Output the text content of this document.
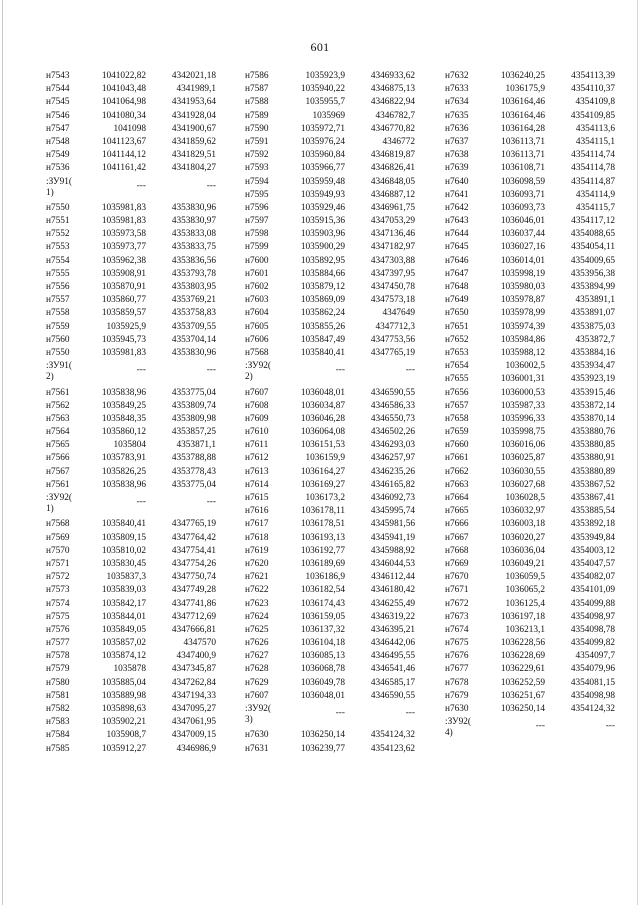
601
н7543	1041022,82	4342021,18
н7544	1041043,48	4341989,1
н7545	1041064,98	4341953,64
н7546	1041080,34	4341928,04
н7547	1041098	4341900,67
н7548	1041123,67	4341859,62
н7549	1041144,12	4341829,51
н7536	1041161,42	4341804,27
:ЗУ91(
1)
---	---
н7550	1035981,83	4353830,96
н7551	1035981,83	4353830,97
н7552	1035973,58	4353833,08
н7553	1035973,77	4353833,75
н7554	1035962,38	4353836,56
н7555	1035908,91	4353793,78
н7556	1035870,91	4353803,95
н7557	1035860,77	4353769,21
н7558	1035859,57	4353758,83
н7559	1035925,9	4353709,55
н7560	1035945,73	4353704,14
н7550	1035981,83	4353830,96
:ЗУ91(
2)
---	---
н7561	1035838,96	4353775,04
н7562	1035849,25	4353809,74
н7563	1035848,35	4353809,98
н7564	1035860,12	4353857,25
н7565	1035804	4353871,1
н7566	1035783,91	4353788,88
н7567	1035826,25	4353778,43
н7561	1035838,96	4353775,04
:ЗУ92(
1)
---	---
н7568	1035840,41	4347765,19
н7569	1035809,15	4347764,42
н7570	1035810,02	4347754,41
н7571	1035830,45	4347754,26
н7572	1035837,3	4347750,74
н7573	1035839,03	4347749,28
н7574	1035842,17	4347741,86
н7575	1035844,01	4347712,69
н7576	1035849,05	4347666,81
н7577	1035857,02	4347570
н7578	1035874,12	4347400,9
н7579	1035878	4347345,87
н7580	1035885,04	4347262,84
н7581	1035889,98	4347194,33
н7582	1035898,63	4347095,27
н7583	1035902,21	4347061,95
н7584	1035908,7	4347009,15
н7585	1035912,27	4346986,9
н7586	1035923,9	4346933,62
н7587	1035940,22	4346875,13
н7588	1035955,7	4346822,94
н7589	1035969	4346782,7
н7590	1035972,71	4346770,82
н7591	1035976,24	4346772
н7592	1035960,84	4346819,87
н7593	1035966,77	4346826,41
н7594	1035959,48	4346848,05
н7595	1035949,93	4346887,12
н7596	1035929,46	4346961,75
н7597	1035915,36	4347053,29
н7598	1035903,96	4347136,46
н7599	1035900,29	4347182,97
н7600	1035892,95	4347303,88
н7601	1035884,66	4347397,95
н7602	1035879,12	4347450,78
н7603	1035869,09	4347573,18
н7604	1035862,24	4347649
н7605	1035855,26	4347712,3
н7606	1035847,49	4347753,56
н7568	1035840,41	4347765,19
:ЗУ92(
2)
---	---
н7607	1036048,01	4346590,55
н7608	1036034,87	4346586,33
н7609	1036046,28	4346550,73
н7610	1036064,08	4346502,26
н7611	1036151,53	4346293,03
н7612	1036159,9	4346257,97
н7613	1036164,27	4346235,26
н7614	1036169,27	4346165,82
н7615	1036173,2	4346092,73
н7616	1036178,11	4345995,74
н7617	1036178,51	4345981,56
н7618	1036193,13	4345941,19
н7619	1036192,77	4345988,92
н7620	1036189,69	4346044,53
н7621	1036186,9	4346112,44
н7622	1036182,54	4346180,42
н7623	1036174,43	4346255,49
н7624	1036159,05	4346319,22
н7625	1036137,32	4346395,21
н7626	1036104,18	4346442,06
н7627	1036085,13	4346495,55
н7628	1036068,78	4346541,46
н7629	1036049,78	4346585,17
н7607	1036048,01	4346590,55
:ЗУ92(
3)
---	---
н7630	1036250,14	4354124,32
н7631	1036239,77	4354123,62
н7632	1036240,25	4354113,39
н7633	1036175,9	4354110,37
н7634	1036164,46	4354109,8
н7635	1036164,46	4354109,85
н7636	1036164,28	4354113,6
н7637	1036113,71	4354115,1
н7638	1036113,71	4354114,74
н7639	1036108,71	4354114,78
н7640	1036098,59	4354114,87
н7641	1036093,71	4354114,9
н7642	1036093,73	4354115,7
н7643	1036046,01	4354117,12
н7644	1036037,44	4354088,65
н7645	1036027,16	4354054,11
н7646	1036014,01	4354009,65
н7647	1035998,19	4353956,38
н7648	1035980,03	4353894,99
н7649	1035978,87	4353891,1
н7650	1035978,99	4353891,07
н7651	1035974,39	4353875,03
н7652	1035984,86	4353872,7
н7653	1035988,12	4353884,16
н7654	1036002,5	4353934,47
н7655	1036001,31	4353923,19
н7656	1036000,53	4353915,46
н7657	1035987,33	4353872,14
н7658	1035996,33	4353870,14
н7659	1035998,75	4353880,76
н7660	1036016,06	4353880,85
н7661	1036025,87	4353880,91
н7662	1036030,55	4353880,89
н7663	1036027,68	4353867,52
н7664	1036028,5	4353867,41
н7665	1036032,97	4353885,54
н7666	1036003,18	4353892,18
н7667	1036020,27	4353949,84
н7668	1036036,04	4354003,12
н7669	1036049,21	4354047,57
н7670	1036059,5	4354082,07
н7671	1036065,2	4354101,09
н7672	1036125,4	4354099,88
н7673	1036197,18	4354098,97
н7674	1036213,1	4354098,78
н7675	1036228,56	4354099,82
н7676	1036228,69	4354097,7
н7677	1036229,61	4354079,96
н7678	1036252,59	4354081,15
н7679	1036251,67	4354098,98
н7630	1036250,14	4354124,32
:ЗУ92(
4)
---	---
